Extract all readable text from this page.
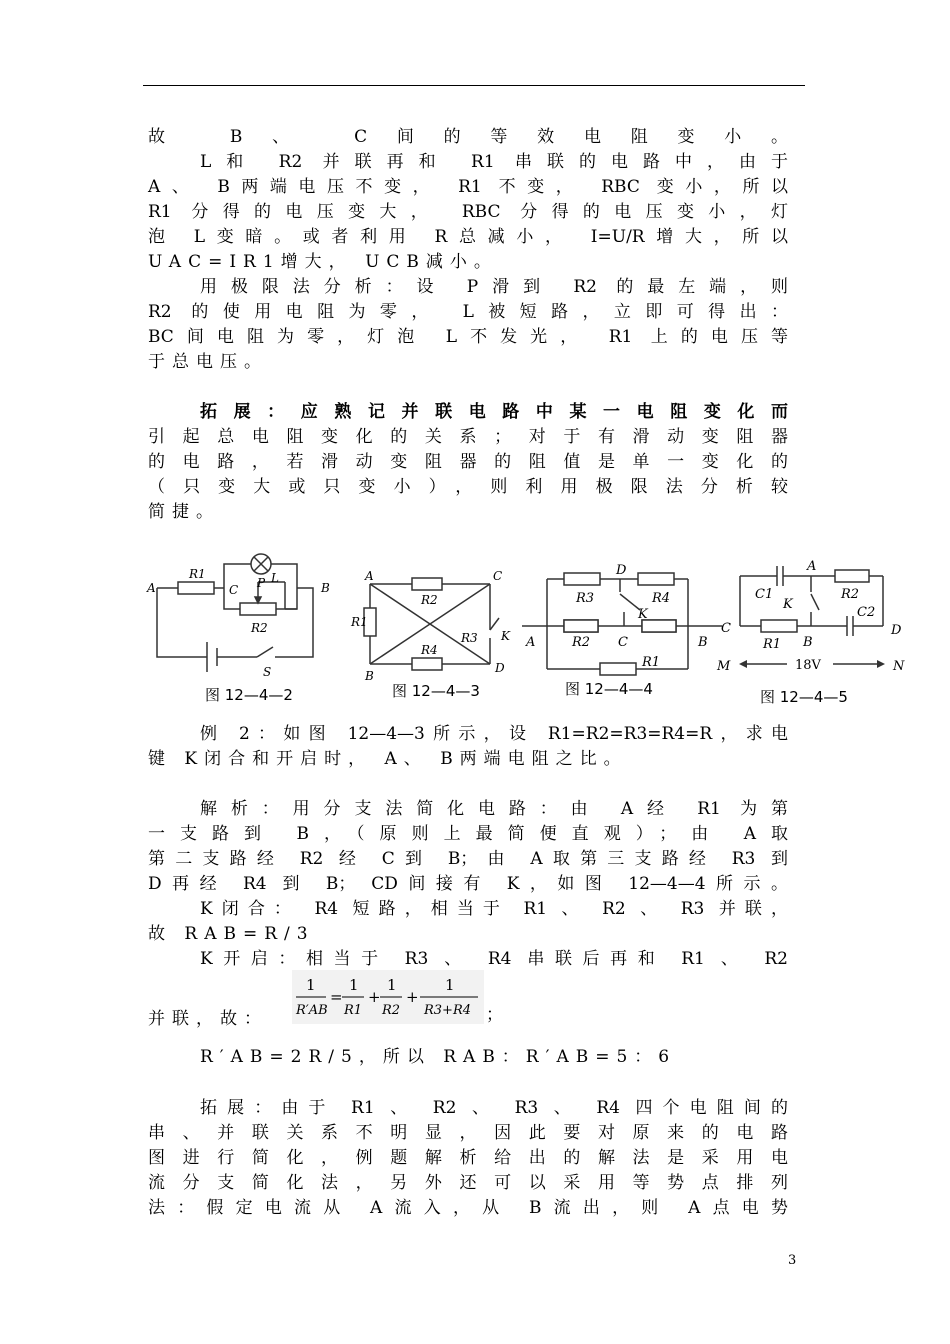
故 B、 C间的等效电阻变小。
L和 R2 并联再和 R1 串联的电路中，由于
A、 B两端电压不变， R1 不变， RBC 变小，所以
R1 分得的电压变大， RBC 分得的电压变小，灯
泡 L变暗。或者利用 R总减小， I=U/R增大，所以
UAC=IR1增大， UCB减小。
用极限法分析：设 P滑到 R2 的最左端，则
R2 的使用电阻为零， L被短路，立即可得出：
BC间电阻为零，灯泡 L不发光， R1 上的电压等
于总电压。
拓展：应熟记并联电路中某一电阻变化而
引起总电阻变化的关系；对于有滑动变阻器
的电路，若滑动变阻器的阻值是单一变化的
（只变大或只变小），则利用极限法分析较
简捷。
A	B
C P L
R1
R2
S
图 12—4—2
A	C
B
D
K
R1
R2
R3
R4
图 12—4—3
A	B
C
D
K
R1
R2
R3	R4
图 12—4—4
A
B
C	D
K
M	N
C1
C2
R1
R2
18V
图 12—4—5
例 2：如图 12—4—3所示，设 R1=R2=R3=R4=R，求电
键 K闭合和开启时， A、 B两端电阻之比。
解析：用分支法简化电路：由 A经 R1 为第
一支路到 B，（原则上最简便直观）；由 A取
第二支路经 R2 经 C到 B；由 A取第三支路经 R3 到
D再经 R4 到 B； CD间接有 K，如图 12—4—4所示。
K闭合： R4 短路，相当于 R1 、 R2 、 R3 并联，
故 RAB=R/3
K开启：相当于 R3 、 R4 串联后再和 R1 、 R2
并联，故：
1
R′AB
=
1
R1
+
1
R2
+
1
R3+R4 ；
R′AB=2R/5，所以 RAB：R′AB=5：6
拓展：由于 R1 、 R2 、 R3 、 R4 四个电阻间的
串、并联关系不明显，因此要对原来的电路
图进行简化，例题解析给出的解法是采用电
流分支简化法，另外还可以采用等势点排列
法：假定电流从 A流入，从 B流出，则 A点电势
3
